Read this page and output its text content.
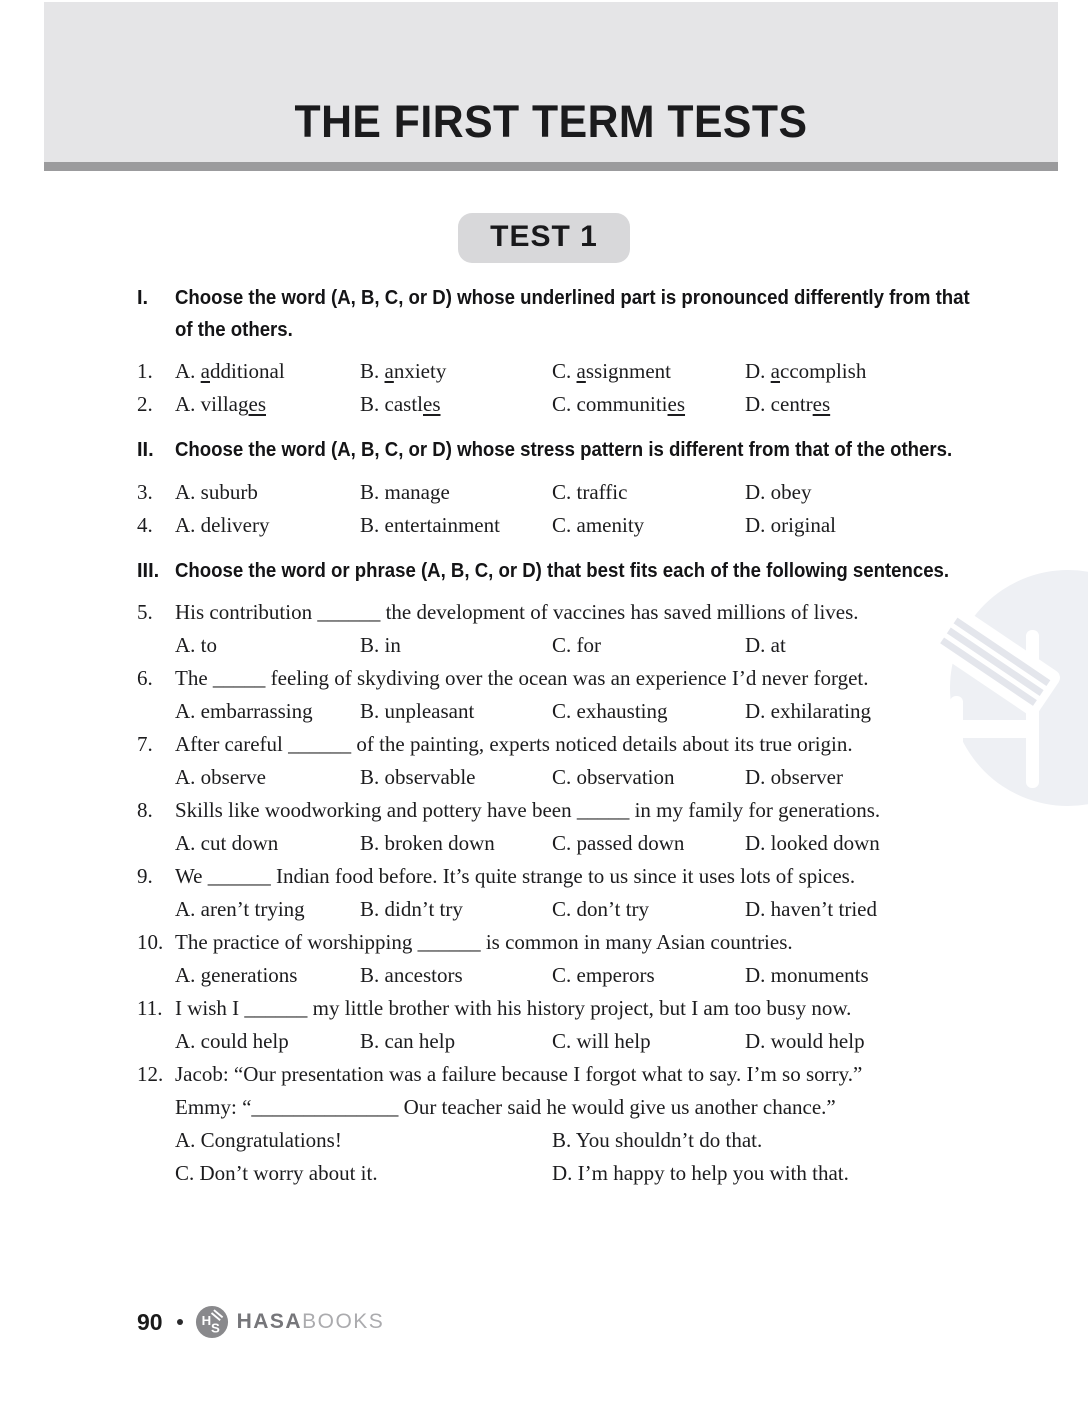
THE FIRST TERM TESTS
TEST 1
I.	Choose the word (A, B, C, or D) whose underlined part is pronounced differently from that
of the others.
1.	A. additional	B. anxiety	C. assignment	D. accomplish
2.	A. villages	B. castles	C. communities	D. centres
II.	Choose the word (A, B, C, or D) whose stress pattern is different from that of the others.
3.	A. suburb	B. manage	C. traffic	D. obey
4.	A. delivery	B. entertainment	C. amenity	D. original
III. Choose the word or phrase (A, B, C, or D) that best fits each of the following sentences.
5.	His contribution ______ the development of vaccines has saved millions of lives.
A. to	B. in	C. for	D. at
6.	The _____ feeling of skydiving over the ocean was an experience I’d never forget.
A. embarrassing	B. unpleasant	C. exhausting	D. exhilarating
7.	After careful ______ of the painting, experts noticed details about its true origin.
A. observe	B. observable	C. observation	D. observer
8.	Skills like woodworking and pottery have been _____ in my family for generations.
A. cut down	B. broken down	C. passed down	D. looked down
9.	We ______ Indian food before. It’s quite strange to us since it uses lots of spices.
A. aren’t trying	B. didn’t try	C. don’t try	D. haven’t tried
10. The practice of worshipping ______ is common in many Asian countries.
A. generations	B. ancestors	C. emperors	D. monuments
11. I wish I ______ my little brother with his history project, but I am too busy now.
A. could help	B. can help	C. will help	D. would help
12. Jacob: “Our presentation was a failure because I forgot what to say. I’m so sorry.”
Emmy: “______________ Our teacher said he would give us another chance.”
A. Congratulations!	B. You shouldn’t do that.
C. Don’t worry about it.	D. I’m happy to help you with that.
90	H
S HASABOOKS
